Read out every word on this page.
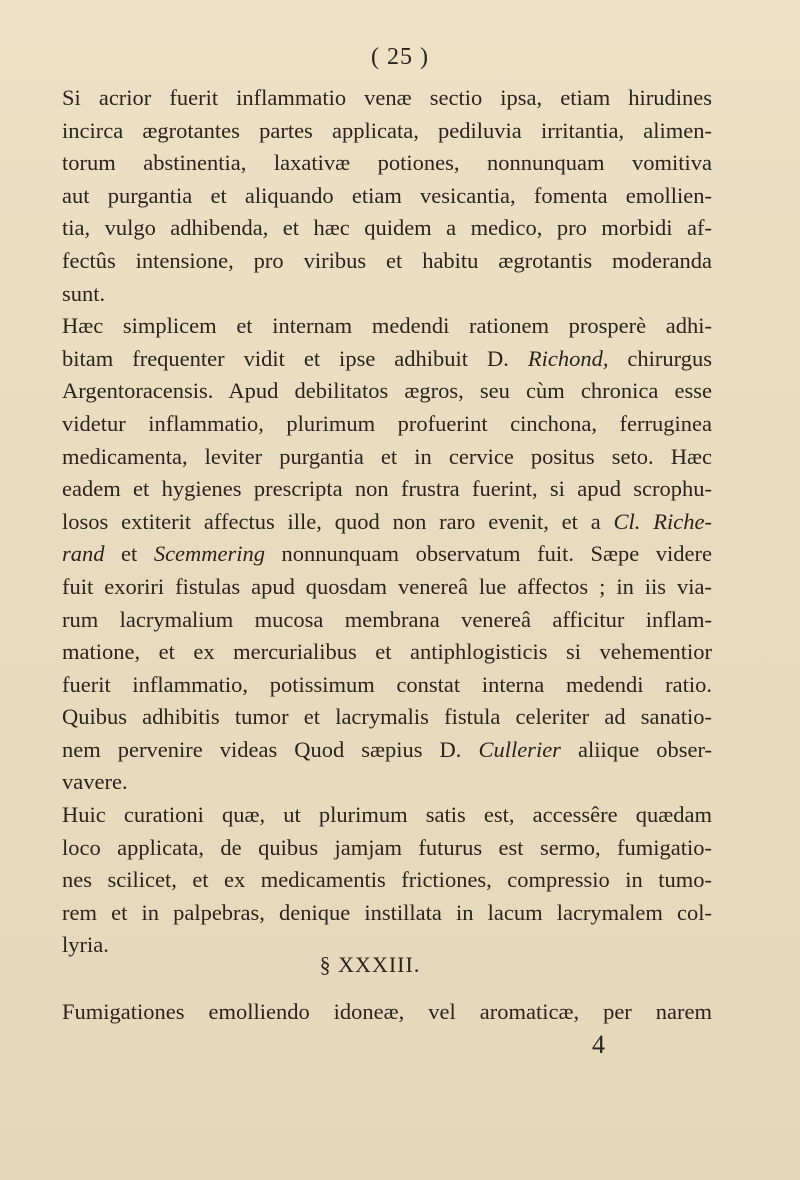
( 25 )
Si acrior fuerit inflammatio venæ sectio ipsa, etiam hirudines
incirca ægrotantes partes applicata, pediluvia irritantia, alimen-
torum abstinentia, laxativæ potiones, nonnunquam vomitiva
aut purgantia et aliquando etiam vesicantia, fomenta emollien-
tia, vulgo adhibenda, et hæc quidem a medico, pro morbidi af-
fectûs intensione, pro viribus et habitu ægrotantis moderanda
sunt.
Hæc simplicem et internam medendi rationem prosperè adhi-
bitam frequenter vidit et ipse adhibuit D. Richond, chirurgus
Argentoracensis. Apud debilitatos ægros, seu cùm chronica esse
videtur inflammatio, plurimum profuerint cinchona, ferruginea
medicamenta, leviter purgantia et in cervice positus seto. Hæc
eadem et hygienes prescripta non frustra fuerint, si apud scrophu-
losos extiterit affectus ille, quod non raro evenit, et a Cl. Riche-
rand et Scemmering nonnunquam observatum fuit. Sæpe videre
fuit exoriri fistulas apud quosdam venereâ lue affectos ; in iis via-
rum lacrymalium mucosa membrana venereâ afficitur inflam-
matione, et ex mercurialibus et antiphlogisticis si vehementior
fuerit inflammatio, potissimum constat interna medendi ratio.
Quibus adhibitis tumor et lacrymalis fistula celeriter ad sanatio-
nem pervenire videas Quod sæpius D. Cullerier aliique obser-
vavere.
Huic curationi quæ, ut plurimum satis est, accessêre quædam
loco applicata, de quibus jamjam futurus est sermo, fumigatio-
nes scilicet, et ex medicamentis frictiones, compressio in tumo-
rem et in palpebras, denique instillata in lacum lacrymalem col-
lyria.
§ XXXIII.
Fumigationes emolliendo idoneæ, vel aromaticæ, per narem
4
